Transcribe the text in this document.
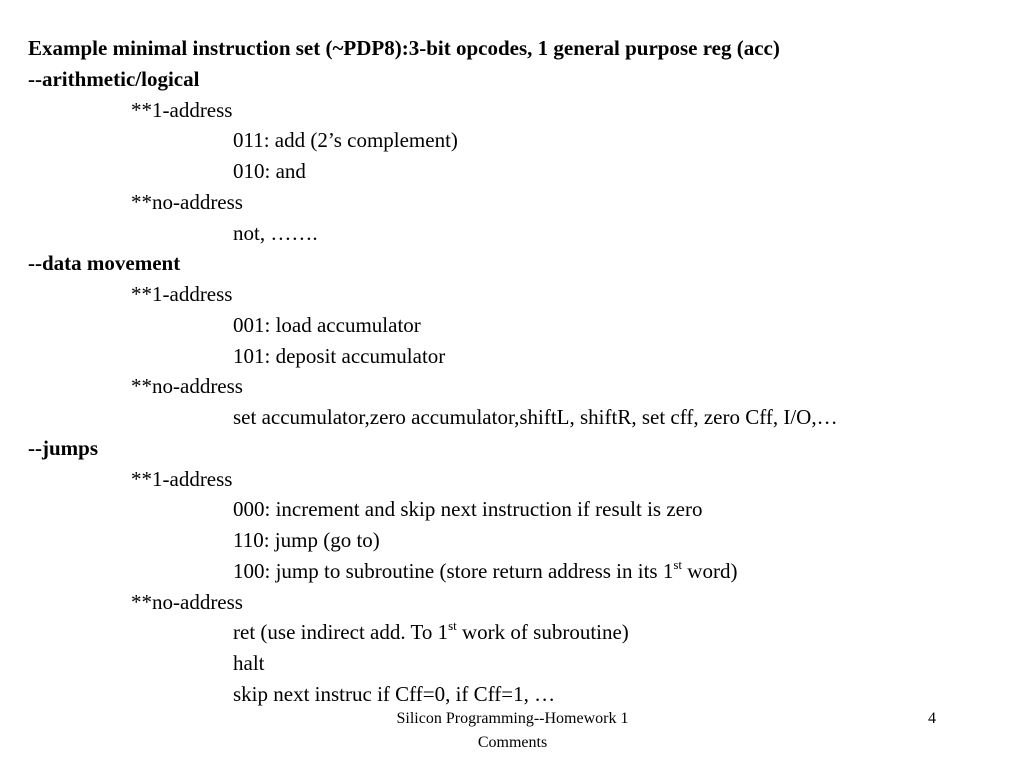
Example minimal instruction set (~PDP8):3-bit opcodes, 1 general purpose reg (acc)
--arithmetic/logical
**1-address
011: add (2’s complement)
010: and
**no-address
not, …….
--data movement
**1-address
001: load accumulator
101: deposit accumulator
**no-address
set accumulator,zero accumulator,shiftL, shiftR, set cff, zero Cff, I/O,…
--jumps
**1-address
000: increment and skip next instruction if result is zero
110: jump (go to)
100: jump to subroutine (store return address in its 1st word)
**no-address
ret (use indirect add. To 1st work of subroutine)
halt
skip next instruc if Cff=0, if Cff=1, …
Silicon Programming--Homework 1
Comments
4
